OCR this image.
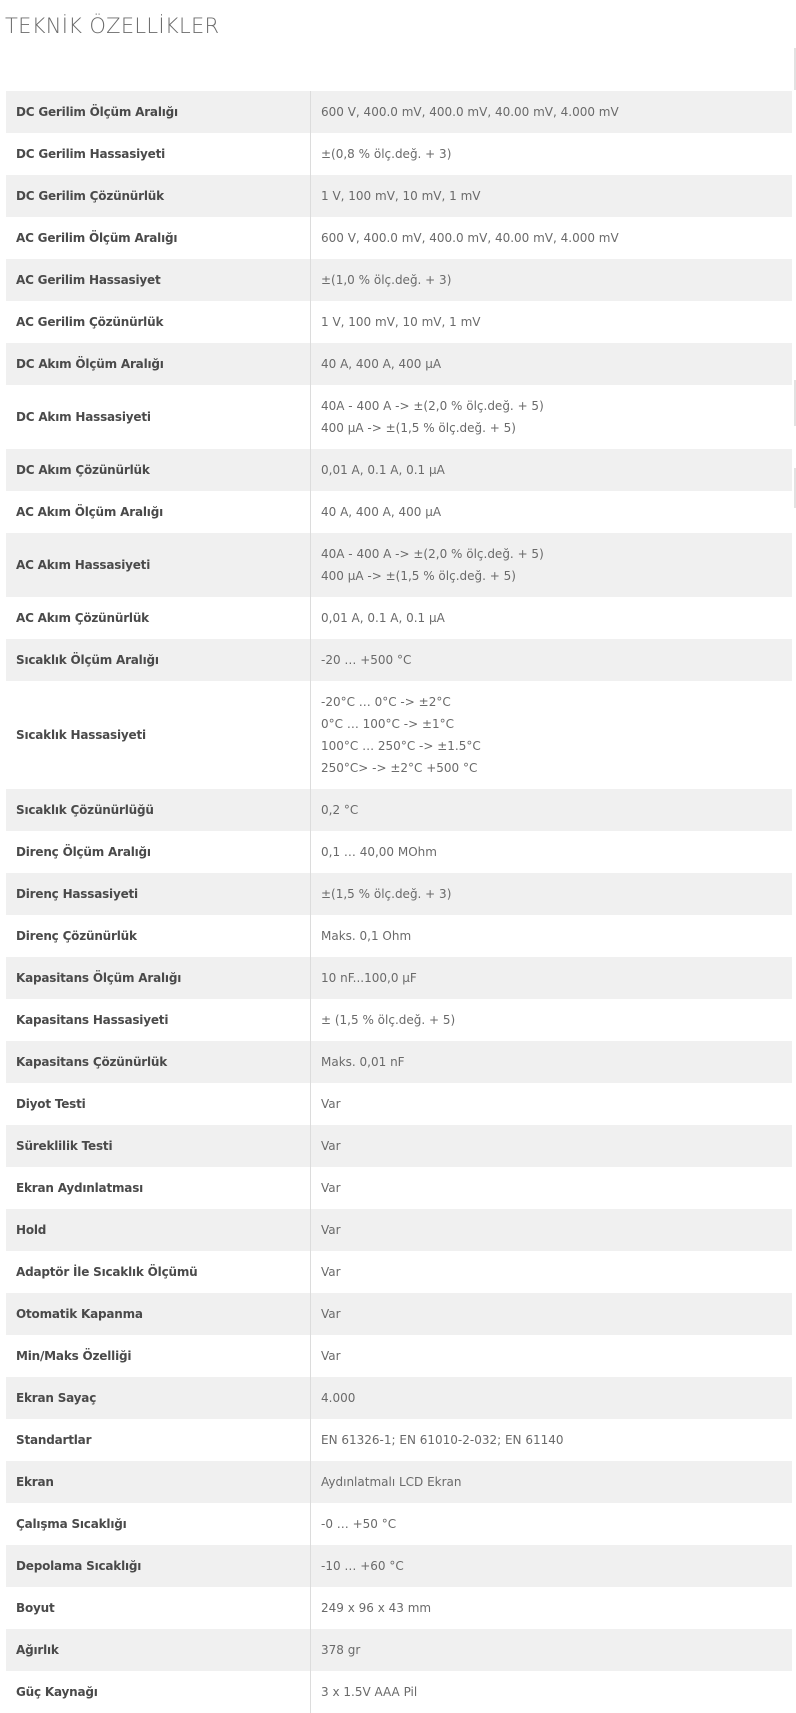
TEKNİK ÖZELLİKLER
DC Gerilim Ölçüm Aralığı	600 V, 400.0 mV, 400.0 mV, 40.00 mV, 4.000 mV

DC Gerilim Hassasiyeti	±(0,8 % ölç.değ. + 3)

DC Gerilim Çözünürlük	1 V, 100 mV, 10 mV, 1 mV

AC Gerilim Ölçüm Aralığı	600 V, 400.0 mV, 400.0 mV, 40.00 mV, 4.000 mV

AC Gerilim Hassasiyet	±(1,0 % ölç.değ. + 3)

AC Gerilim Çözünürlük	1 V, 100 mV, 10 mV, 1 mV

DC Akım Ölçüm Aralığı	40 A, 400 A, 400 µA

DC Akım Hassasiyeti	40A - 400 A -> ±(2,0 % ölç.değ. + 5)
400 µA -> ±(1,5 % ölç.değ. + 5)

DC Akım Çözünürlük	0,01 A, 0.1 A, 0.1 µA

AC Akım Ölçüm Aralığı	40 A, 400 A, 400 µA

AC Akım Hassasiyeti	40A - 400 A -> ±(2,0 % ölç.değ. + 5)
400 µA -> ±(1,5 % ölç.değ. + 5)

AC Akım Çözünürlük	0,01 A, 0.1 A, 0.1 µA

Sıcaklık Ölçüm Aralığı	-20 … +500 °C

Sıcaklık Hassasiyeti	-20°C … 0°C -> ±2°C
0°C … 100°C -> ±1°C
100°C … 250°C -> ±1.5°C
250°C> -> ±2°C +500 °C

Sıcaklık Çözünürlüğü	0,2 °C

Direnç Ölçüm Aralığı	0,1 … 40,00 MOhm

Direnç Hassasiyeti	±(1,5 % ölç.değ. + 3)

Direnç Çözünürlük	Maks. 0,1 Ohm

Kapasitans Ölçüm Aralığı	10 nF...100,0 µF

Kapasitans Hassasiyeti	± (1,5 % ölç.değ. + 5)

Kapasitans Çözünürlük	Maks. 0,01 nF

Diyot Testi	Var

Süreklilik Testi	Var

Ekran Aydınlatması	Var

Hold	Var

Adaptör İle Sıcaklık Ölçümü	Var

Otomatik Kapanma	Var

Min/Maks Özelliği	Var

Ekran Sayaç	4.000

Standartlar	EN 61326-1; EN 61010-2-032; EN 61140

Ekran	Aydınlatmalı LCD Ekran

Çalışma Sıcaklığı	-0 … +50 °C

Depolama Sıcaklığı	-10 … +60 °C

Boyut	249 x 96 x 43 mm

Ağırlık	378 gr

Güç Kaynağı	3 x 1.5V AAA Pil
